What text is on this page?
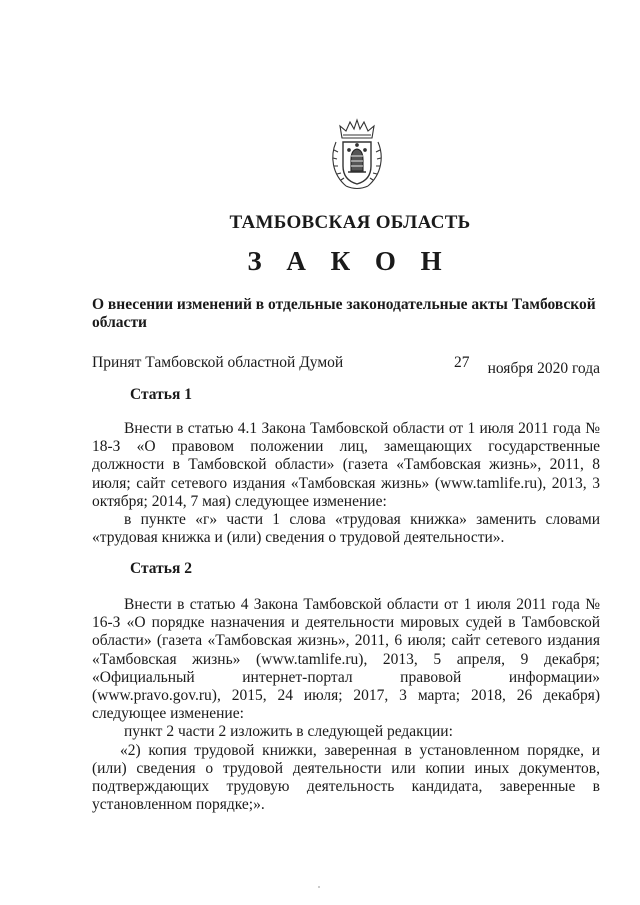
ТАМБОВСКАЯ ОБЛАСТЬ
З А К О Н
О внесении изменений в отдельные законодательные акты Тамбовской области
Принят Тамбовской областной Думой	27 ноября 2020 года
Статья 1

Внести в статью 4.1 Закона Тамбовской области от 1 июля 2011 года № 18-З «О правовом положении лиц, замещающих государственные должности в Тамбовской области» (газета «Тамбовская жизнь», 2011, 8 июля; сайт сетевого издания «Тамбовская жизнь» (www.tamlife.ru), 2013, 3 октября; 2014, 7 мая) следующее изменение:

в пункте «г» части 1 слова «трудовая книжка» заменить словами «трудовая книжка и (или) сведения о трудовой деятельности».

Статья 2

Внести в статью 4 Закона Тамбовской области от 1 июля 2011 года № 16-З «О порядке назначения и деятельности мировых судей в Тамбовской области» (газета «Тамбовская жизнь», 2011, 6 июля; сайт сетевого издания «Тамбовская жизнь» (www.tamlife.ru), 2013, 5 апреля, 9 декабря; «Официальный интернет-портал правовой информации» (www.pravo.gov.ru), 2015, 24 июля; 2017, 3 марта; 2018, 26 декабря) следующее изменение:

пункт 2 части 2 изложить в следующей редакции:

«2) копия трудовой книжки, заверенная в установленном порядке, и (или) сведения о трудовой деятельности или копии иных документов, подтверждающих трудовую деятельность кандидата, заверенные в установленном порядке;».
